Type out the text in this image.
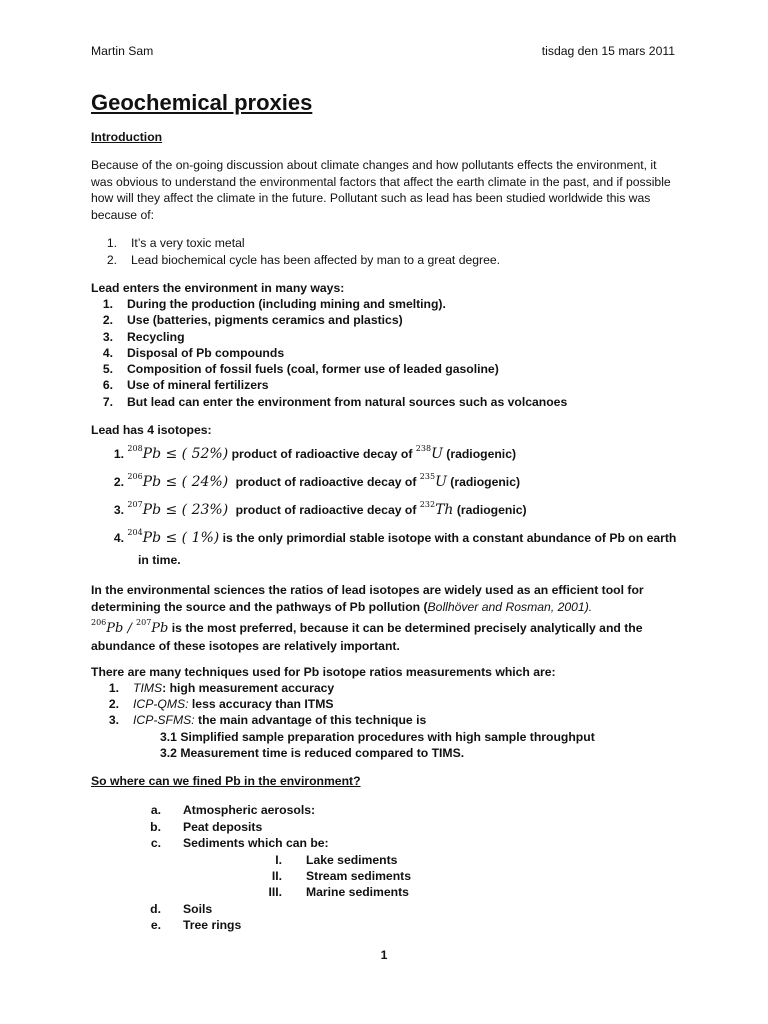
Martin Sam	tisdag den 15 mars 2011
Geochemical proxies
Introduction
Because of the on-going discussion about climate changes and how pollutants effects the environment, it was obvious to understand the environmental factors that affect the earth climate in the past, and if possible how will they affect the climate in the future. Pollutant such as lead has been studied worldwide this was because of:
1. It’s a very toxic metal
2. Lead biochemical cycle has been affected by man to a great degree.
Lead enters the environment in many ways:
1. During the production (including mining and smelting).
2. Use (batteries, pigments ceramics and plastics)
3. Recycling
4. Disposal of Pb compounds
5. Composition of fossil fuels (coal, former use of leaded gasoline)
6. Use of mineral fertilizers
7. But lead can enter the environment from natural sources such as volcanoes
Lead has 4 isotopes:
1. $^{208}$Pb ≤ ( 52%) product of radioactive decay of $^{238}$U (radiogenic)
2. $^{206}$Pb ≤ ( 24%) product of radioactive decay of $^{235}$U (radiogenic)
3. $^{207}$Pb ≤ ( 23%) product of radioactive decay of $^{232}$Th (radiogenic)
4. $^{204}$Pb ≤ ( 1%) is the only primordial stable isotope with a constant abundance of Pb on earth
in time.
In the environmental sciences the ratios of lead isotopes are widely used as an efficient tool for determining the source and the pathways of Pb pollution (Bollhöver and Rosman, 2001).
$^{206}$Pb / $^{207}$Pb is the most preferred, because it can be determined precisely analytically and the abundance of these isotopes are relatively important.
There are many techniques used for Pb isotope ratios measurements which are:
1. TIMS: high measurement accuracy
2. ICP-QMS: less accuracy than ITMS
3. ICP-SFMS: the main advantage of this technique is
3.1 Simplified sample preparation procedures with high sample throughput
3.2 Measurement time is reduced compared to TIMS.
So where can we fined Pb in the environment?
a. Atmospheric aerosols:
b. Peat deposits
c. Sediments which can be:
I. Lake sediments
II. Stream sediments
III. Marine sediments
d. Soils
e. Tree rings
1
